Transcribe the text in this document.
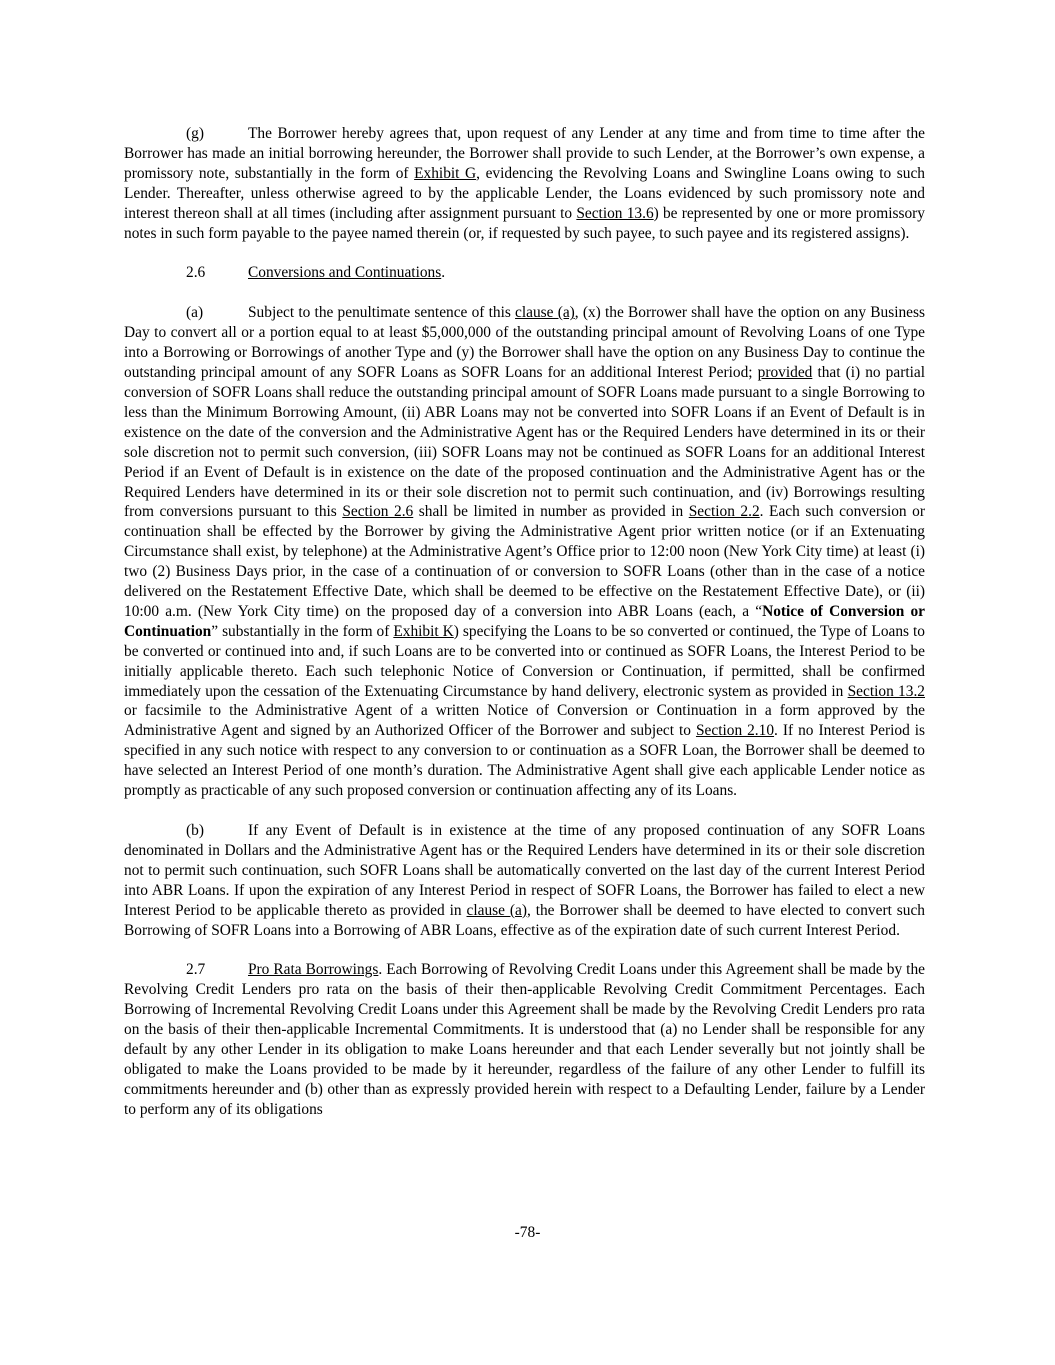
(g)	The Borrower hereby agrees that, upon request of any Lender at any time and from time to time after the Borrower has made an initial borrowing hereunder, the Borrower shall provide to such Lender, at the Borrower’s own expense, a promissory note, substantially in the form of Exhibit G, evidencing the Revolving Loans and Swingline Loans owing to such Lender. Thereafter, unless otherwise agreed to by the applicable Lender, the Loans evidenced by such promissory note and interest thereon shall at all times (including after assignment pursuant to Section 13.6) be represented by one or more promissory notes in such form payable to the payee named therein (or, if requested by such payee, to such payee and its registered assigns).

2.6	Conversions and Continuations.

(a)	Subject to the penultimate sentence of this clause (a), (x) the Borrower shall have the option on any Business Day to convert all or a portion equal to at least $5,000,000 of the outstanding principal amount of Revolving Loans of one Type into a Borrowing or Borrowings of another Type and (y) the Borrower shall have the option on any Business Day to continue the outstanding principal amount of any SOFR Loans as SOFR Loans for an additional Interest Period; provided that (i) no partial conversion of SOFR Loans shall reduce the outstanding principal amount of SOFR Loans made pursuant to a single Borrowing to less than the Minimum Borrowing Amount, (ii) ABR Loans may not be converted into SOFR Loans if an Event of Default is in existence on the date of the conversion and the Administrative Agent has or the Required Lenders have determined in its or their sole discretion not to permit such conversion, (iii) SOFR Loans may not be continued as SOFR Loans for an additional Interest Period if an Event of Default is in existence on the date of the proposed continuation and the Administrative Agent has or the Required Lenders have determined in its or their sole discretion not to permit such continuation, and (iv) Borrowings resulting from conversions pursuant to this Section 2.6 shall be limited in number as provided in Section 2.2. Each such conversion or continuation shall be effected by the Borrower by giving the Administrative Agent prior written notice (or if an Extenuating Circumstance shall exist, by telephone) at the Administrative Agent’s Office prior to 12:00 noon (New York City time) at least (i) two (2) Business Days prior, in the case of a continuation of or conversion to SOFR Loans (other than in the case of a notice delivered on the Restatement Effective Date, which shall be deemed to be effective on the Restatement Effective Date), or (ii) 10:00 a.m. (New York City time) on the proposed day of a conversion into ABR Loans (each, a “Notice of Conversion or Continuation” substantially in the form of Exhibit K) specifying the Loans to be so converted or continued, the Type of Loans to be converted or continued into and, if such Loans are to be converted into or continued as SOFR Loans, the Interest Period to be initially applicable thereto. Each such telephonic Notice of Conversion or Continuation, if permitted, shall be confirmed immediately upon the cessation of the Extenuating Circumstance by hand delivery, electronic system as provided in Section 13.2 or facsimile to the Administrative Agent of a written Notice of Conversion or Continuation in a form approved by the Administrative Agent and signed by an Authorized Officer of the Borrower and subject to Section 2.10. If no Interest Period is specified in any such notice with respect to any conversion to or continuation as a SOFR Loan, the Borrower shall be deemed to have selected an Interest Period of one month’s duration. The Administrative Agent shall give each applicable Lender notice as promptly as practicable of any such proposed conversion or continuation affecting any of its Loans.

(b)	If any Event of Default is in existence at the time of any proposed continuation of any SOFR Loans denominated in Dollars and the Administrative Agent has or the Required Lenders have determined in its or their sole discretion not to permit such continuation, such SOFR Loans shall be automatically converted on the last day of the current Interest Period into ABR Loans. If upon the expiration of any Interest Period in respect of SOFR Loans, the Borrower has failed to elect a new Interest Period to be applicable thereto as provided in clause (a), the Borrower shall be deemed to have elected to convert such Borrowing of SOFR Loans into a Borrowing of ABR Loans, effective as of the expiration date of such current Interest Period.

2.7	Pro Rata Borrowings. Each Borrowing of Revolving Credit Loans under this Agreement shall be made by the Revolving Credit Lenders pro rata on the basis of their then-applicable Revolving Credit Commitment Percentages. Each Borrowing of Incremental Revolving Credit Loans under this Agreement shall be made by the Revolving Credit Lenders pro rata on the basis of their then-applicable Incremental Commitments. It is understood that (a) no Lender shall be responsible for any default by any other Lender in its obligation to make Loans hereunder and that each Lender severally but not jointly shall be obligated to make the Loans provided to be made by it hereunder, regardless of the failure of any other Lender to fulfill its commitments hereunder and (b) other than as expressly provided herein with respect to a Defaulting Lender, failure by a Lender to perform any of its obligations

-78-
